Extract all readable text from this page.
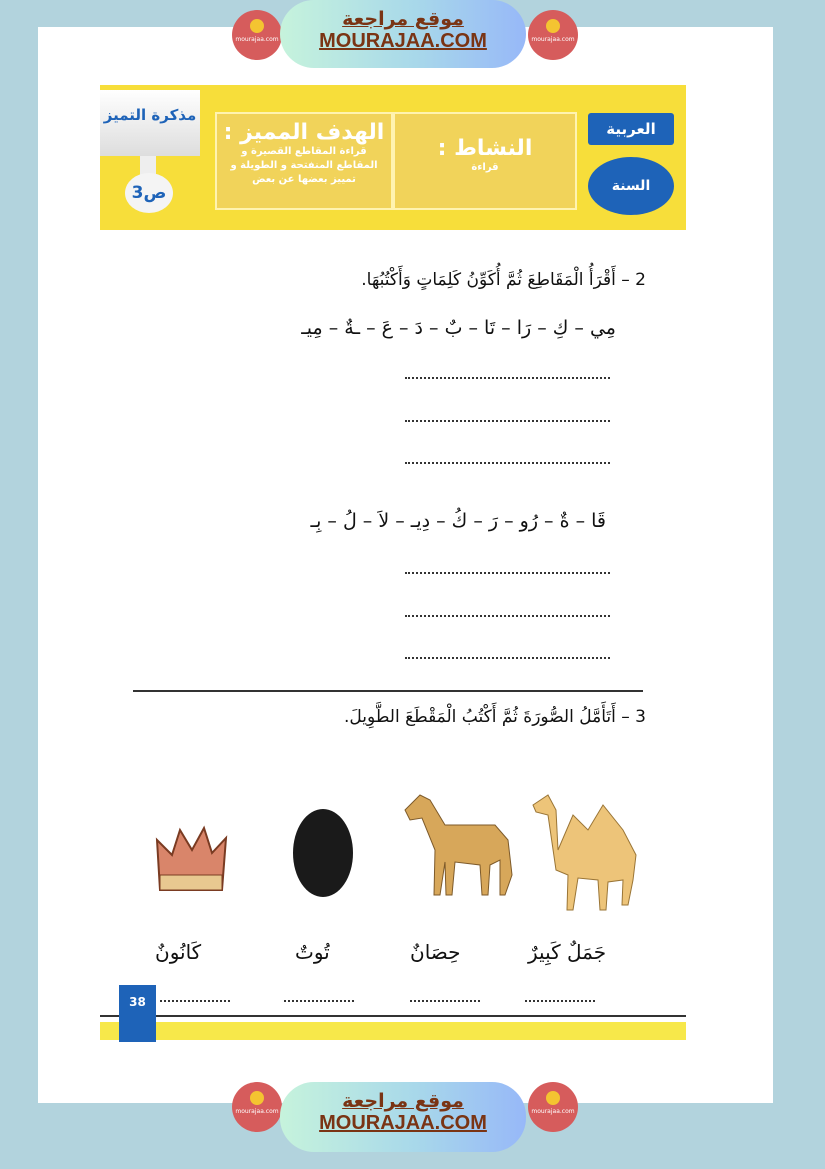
mourajaa.com
موقع مراجعة
MOURAJAA.COM	mourajaa.com
3ص
مذكرة التميز
الهدف المميز :
قراءة المقاطع القصيرة و المقاطع المنفتحة و الطويلة و تمييز بعضها عن بعض
النشاط :
قراءة
العربية
السنة الأولى
2 – أَقْرَأُ الْمَقَاطِعَ ثُمَّ أُكَوِّنُ كَلِمَاتٍ وَأَكْتُبُهَا.
مِي – كِ – رَا – تَا – بٌ – دَ – عَ – ـةٌ – مِيـ
قَا – ةٌ – رُو – رَ – كُ – دِيـ – لاَ – لُ – بِـ
3 – أَتَأَمَّلُ الصُّورَةَ ثُمَّ أَكْتُبُ الْمَقْطَعَ الطَّوِيلَ.
جَمَلٌ كَبِيرٌ
حِصَانٌ
تُوتٌ
كَانُونٌ
38
mourajaa.com	موقع مراجعة
MOURAJAA.COM
mourajaa.com
